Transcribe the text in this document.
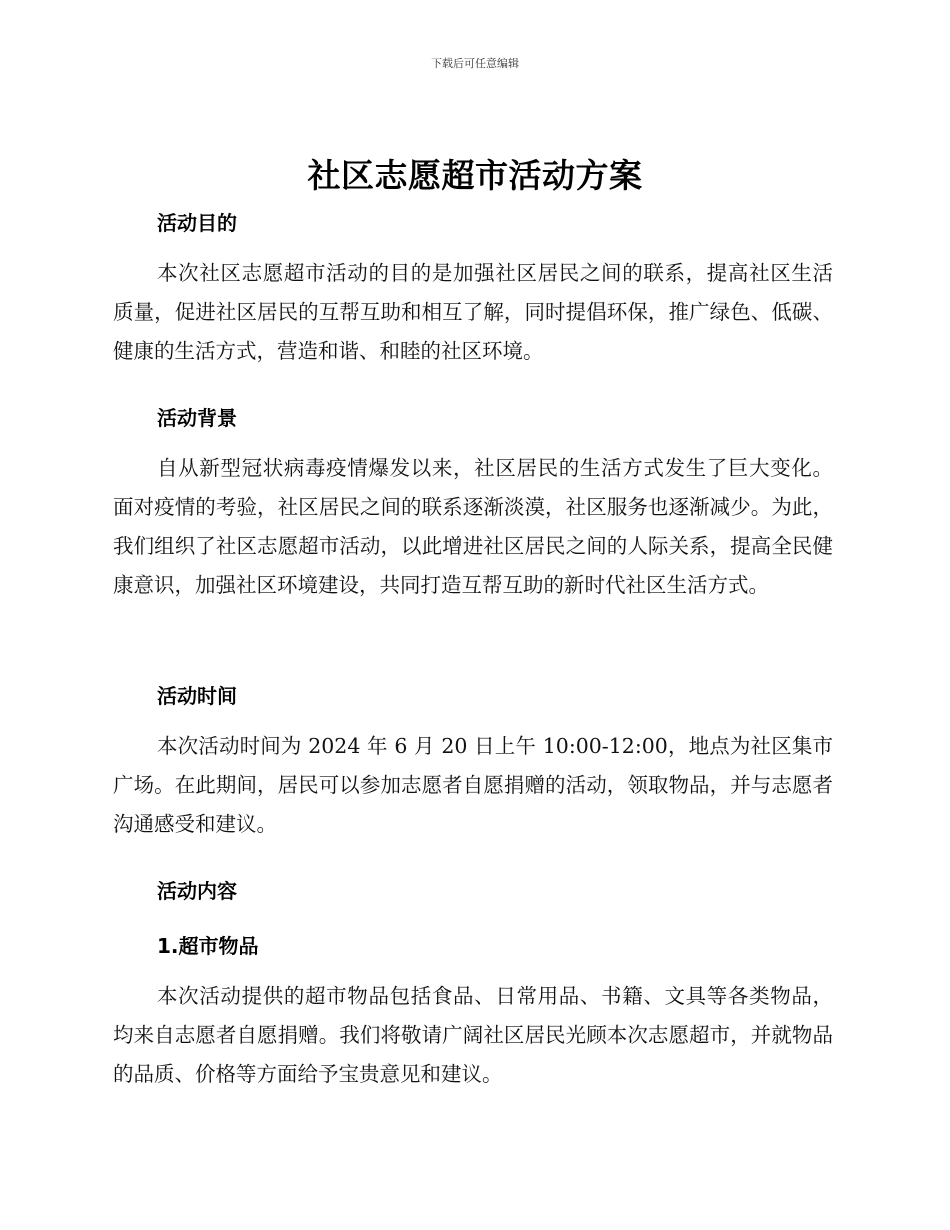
下载后可任意编辑
社区志愿超市活动方案
活动目的

本次社区志愿超市活动的目的是加强社区居民之间的联系，提高社区生活质量，促进社区居民的互帮互助和相互了解，同时提倡环保，推广绿色、低碳、健康的生活方式，营造和谐、和睦的社区环境。

活动背景

自从新型冠状病毒疫情爆发以来，社区居民的生活方式发生了巨大变化。面对疫情的考验，社区居民之间的联系逐渐淡漠，社区服务也逐渐减少。为此，我们组织了社区志愿超市活动，以此增进社区居民之间的人际关系，提高全民健康意识，加强社区环境建设，共同打造互帮互助的新时代社区生活方式。

活动时间

本次活动时间为 2024 年 6 月 20 日上午 10:00-12:00，地点为社区集市广场。在此期间，居民可以参加志愿者自愿捐赠的活动，领取物品，并与志愿者沟通感受和建议。

活动内容
1.超市物品

本次活动提供的超市物品包括食品、日常用品、书籍、文具等各类物品，均来自志愿者自愿捐赠。我们将敬请广阔社区居民光顾本次志愿超市，并就物品的品质、价格等方面给予宝贵意见和建议。
